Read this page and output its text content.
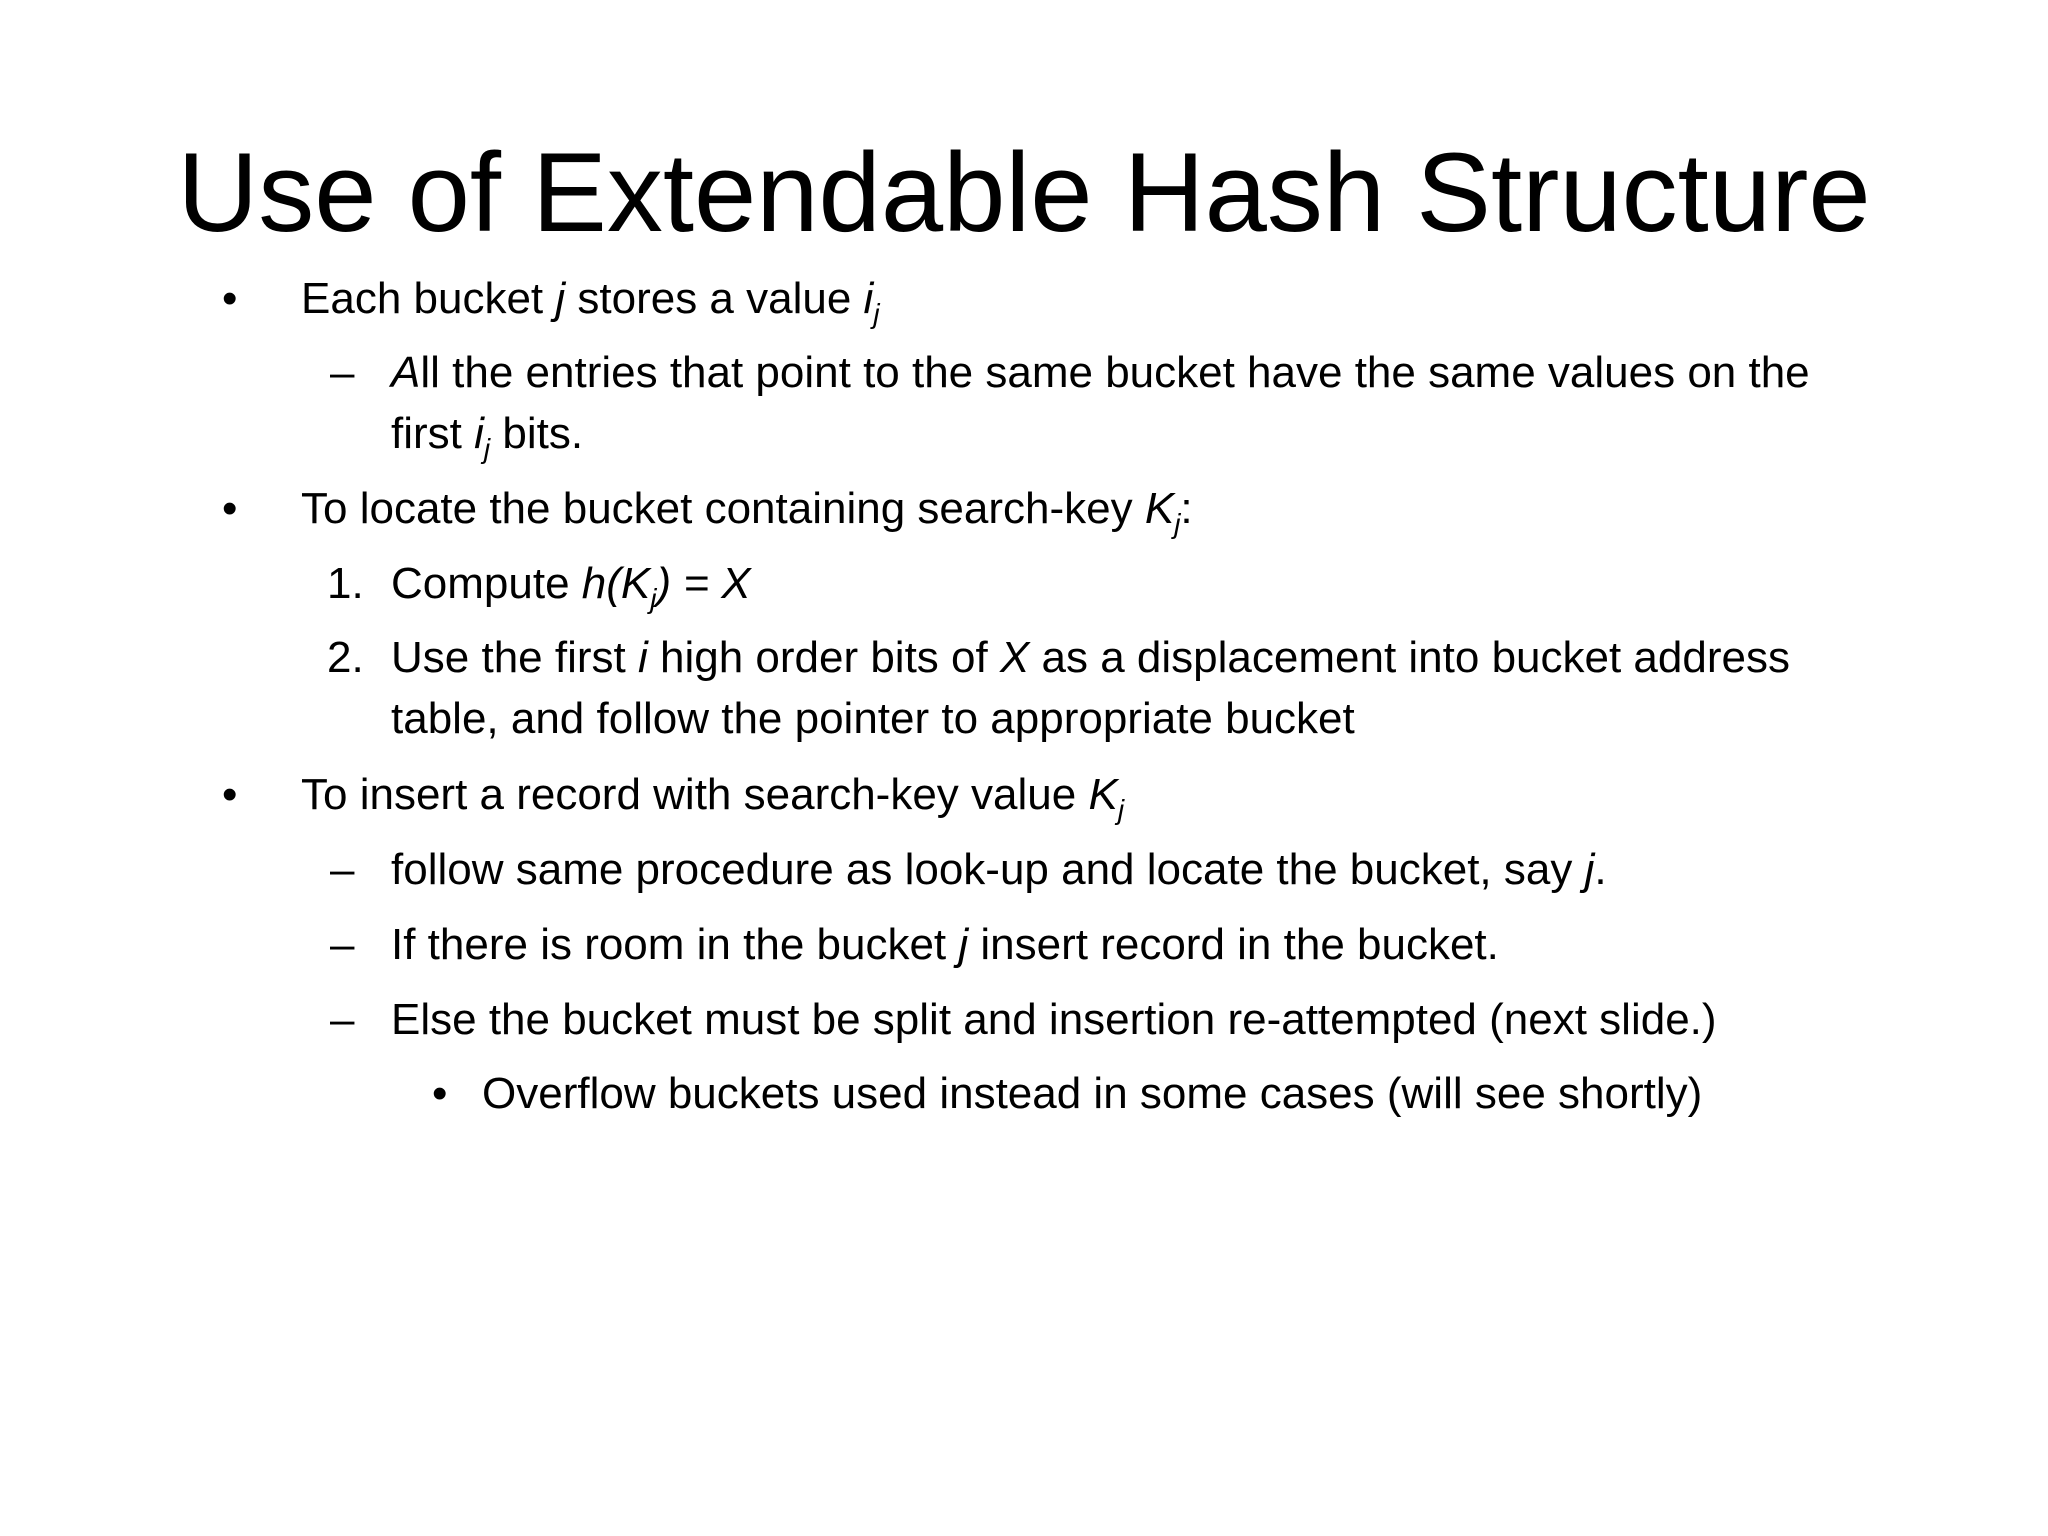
Use of Extendable Hash Structure
• Each bucket j stores a value $i_j$
– All the entries that point to the same bucket have the same values on the
first $i_j$ bits.
• To locate the bucket containing search-key $K_j$:
1. Compute $h(K_j) = X$
2. Use the first i high order bits of X as a displacement into bucket address
table, and follow the pointer to appropriate bucket
• To insert a record with search-key value $K_j$
– follow same procedure as look-up and locate the bucket, say j.
– If there is room in the bucket j insert record in the bucket.
– Else the bucket must be split and insertion re-attempted (next slide.)
• Overflow buckets used instead in some cases (will see shortly)
